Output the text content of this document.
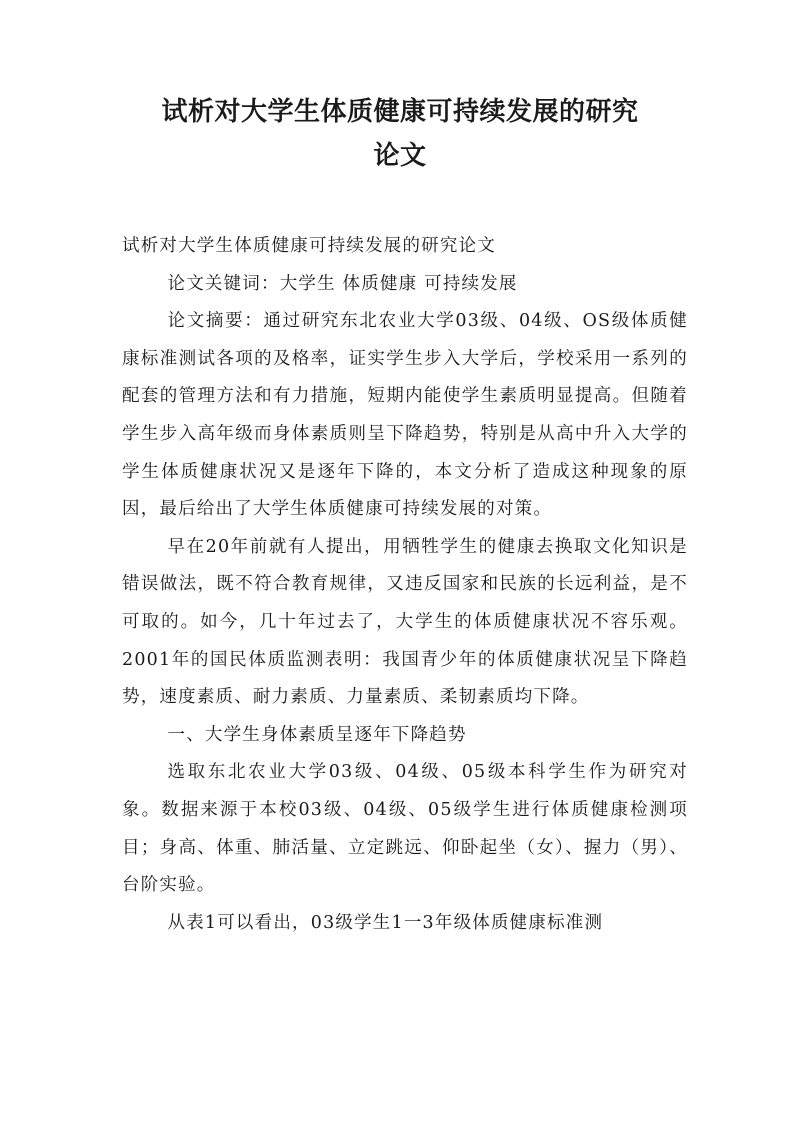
试析对大学生体质健康可持续发展的研究
论文

试析对大学生体质健康可持续发展的研究论文

论文关键词：大学生 体质健康 可持续发展

论文摘要：通过研究东北农业大学03级、04级、OS级体质健康标准测试各项的及格率，证实学生步入大学后，学校采用一系列的配套的管理方法和有力措施，短期内能使学生素质明显提高。但随着学生步入高年级而身体素质则呈下降趋势，特别是从高中升入大学的学生体质健康状况又是逐年下降的，本文分析了造成这种现象的原因，最后给出了大学生体质健康可持续发展的对策。

早在20年前就有人提出，用牺牲学生的健康去换取文化知识是错误做法，既不符合教育规律，又违反国家和民族的长远利益，是不可取的。如今，几十年过去了，大学生的体质健康状况不容乐观。2001年的国民体质监测表明：我国青少年的体质健康状况呈下降趋势，速度素质、耐力素质、力量素质、柔韧素质均下降。

一、大学生身体素质呈逐年下降趋势

选取东北农业大学03级、04级、05级本科学生作为研究对象。数据来源于本校03级、04级、05级学生进行体质健康检测项目；身高、体重、肺活量、立定跳远、仰卧起坐（女）、握力（男）、台阶实验。

从表1可以看出，03级学生1一3年级体质健康标准测
